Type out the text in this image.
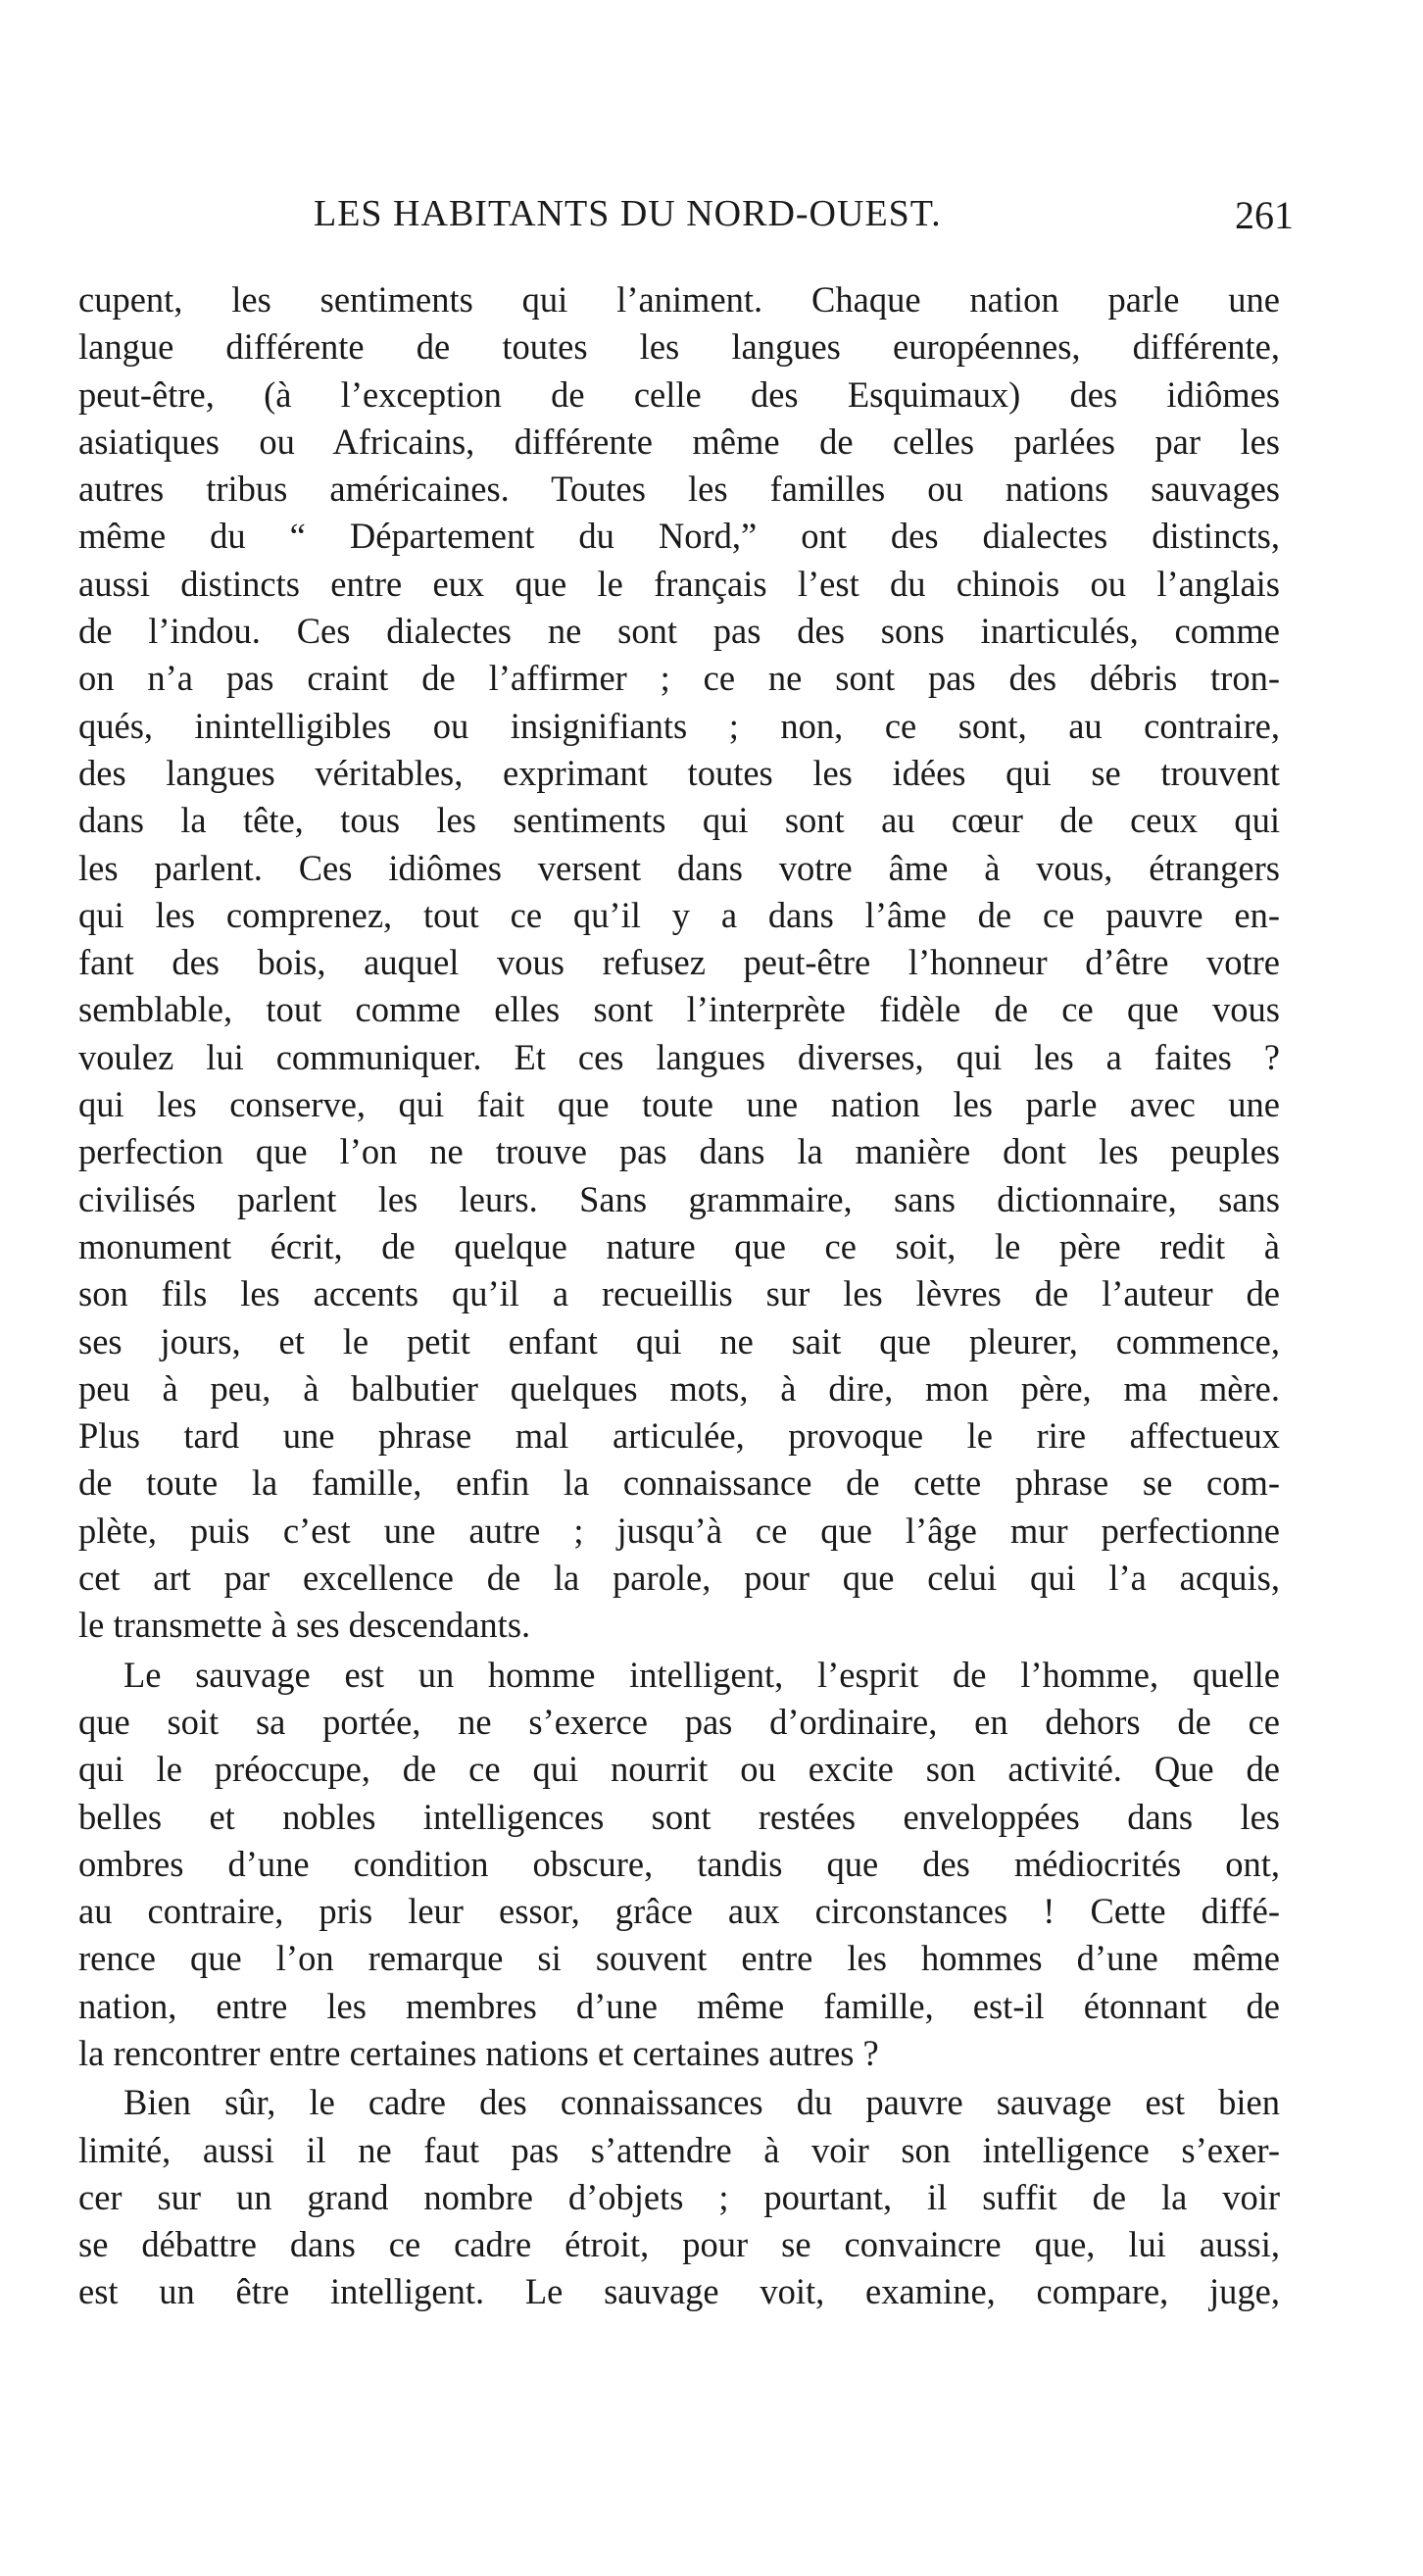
LES HABITANTS DU NORD-OUEST.	261
cupent, les sentiments qui l’animent. Chaque nation parle une
langue différente de toutes les langues européennes, différente,
peut-être, (à l’exception de celle des Esquimaux) des idiômes
asiatiques ou Africains, différente même de celles parlées par les
autres tribus américaines. Toutes les familles ou nations sauvages
même du “ Département du Nord,” ont des dialectes distincts,
aussi distincts entre eux que le français l’est du chinois ou l’anglais
de l’indou. Ces dialectes ne sont pas des sons inarticulés, comme
on n’a pas craint de l’affirmer ; ce ne sont pas des débris tron-
qués, inintelligibles ou insignifiants ; non, ce sont, au contraire,
des langues véritables, exprimant toutes les idées qui se trouvent
dans la tête, tous les sentiments qui sont au cœur de ceux qui
les parlent. Ces idiômes versent dans votre âme à vous, étrangers
qui les comprenez, tout ce qu’il y a dans l’âme de ce pauvre en-
fant des bois, auquel vous refusez peut-être l’honneur d’être votre
semblable, tout comme elles sont l’interprète fidèle de ce que vous
voulez lui communiquer. Et ces langues diverses, qui les a faites ?
qui les conserve, qui fait que toute une nation les parle avec une
perfection que l’on ne trouve pas dans la manière dont les peuples
civilisés parlent les leurs. Sans grammaire, sans dictionnaire, sans
monument écrit, de quelque nature que ce soit, le père redit à
son fils les accents qu’il a recueillis sur les lèvres de l’auteur de
ses jours, et le petit enfant qui ne sait que pleurer, commence,
peu à peu, à balbutier quelques mots, à dire, mon père, ma mère.
Plus tard une phrase mal articulée, provoque le rire affectueux
de toute la famille, enfin la connaissance de cette phrase se com-
plète, puis c’est une autre ; jusqu’à ce que l’âge mur perfectionne
cet art par excellence de la parole, pour que celui qui l’a acquis,
le transmette à ses descendants.
Le sauvage est un homme intelligent, l’esprit de l’homme, quelle
que soit sa portée, ne s’exerce pas d’ordinaire, en dehors de ce
qui le préoccupe, de ce qui nourrit ou excite son activité. Que de
belles et nobles intelligences sont restées enveloppées dans les
ombres d’une condition obscure, tandis que des médiocrités ont,
au contraire, pris leur essor, grâce aux circonstances ! Cette diffé-
rence que l’on remarque si souvent entre les hommes d’une même
nation, entre les membres d’une même famille, est-il étonnant de
la rencontrer entre certaines nations et certaines autres ?
Bien sûr, le cadre des connaissances du pauvre sauvage est bien
limité, aussi il ne faut pas s’attendre à voir son intelligence s’exer-
cer sur un grand nombre d’objets ; pourtant, il suffit de la voir
se débattre dans ce cadre étroit, pour se convaincre que, lui aussi,
est un être intelligent. Le sauvage voit, examine, compare, juge,
